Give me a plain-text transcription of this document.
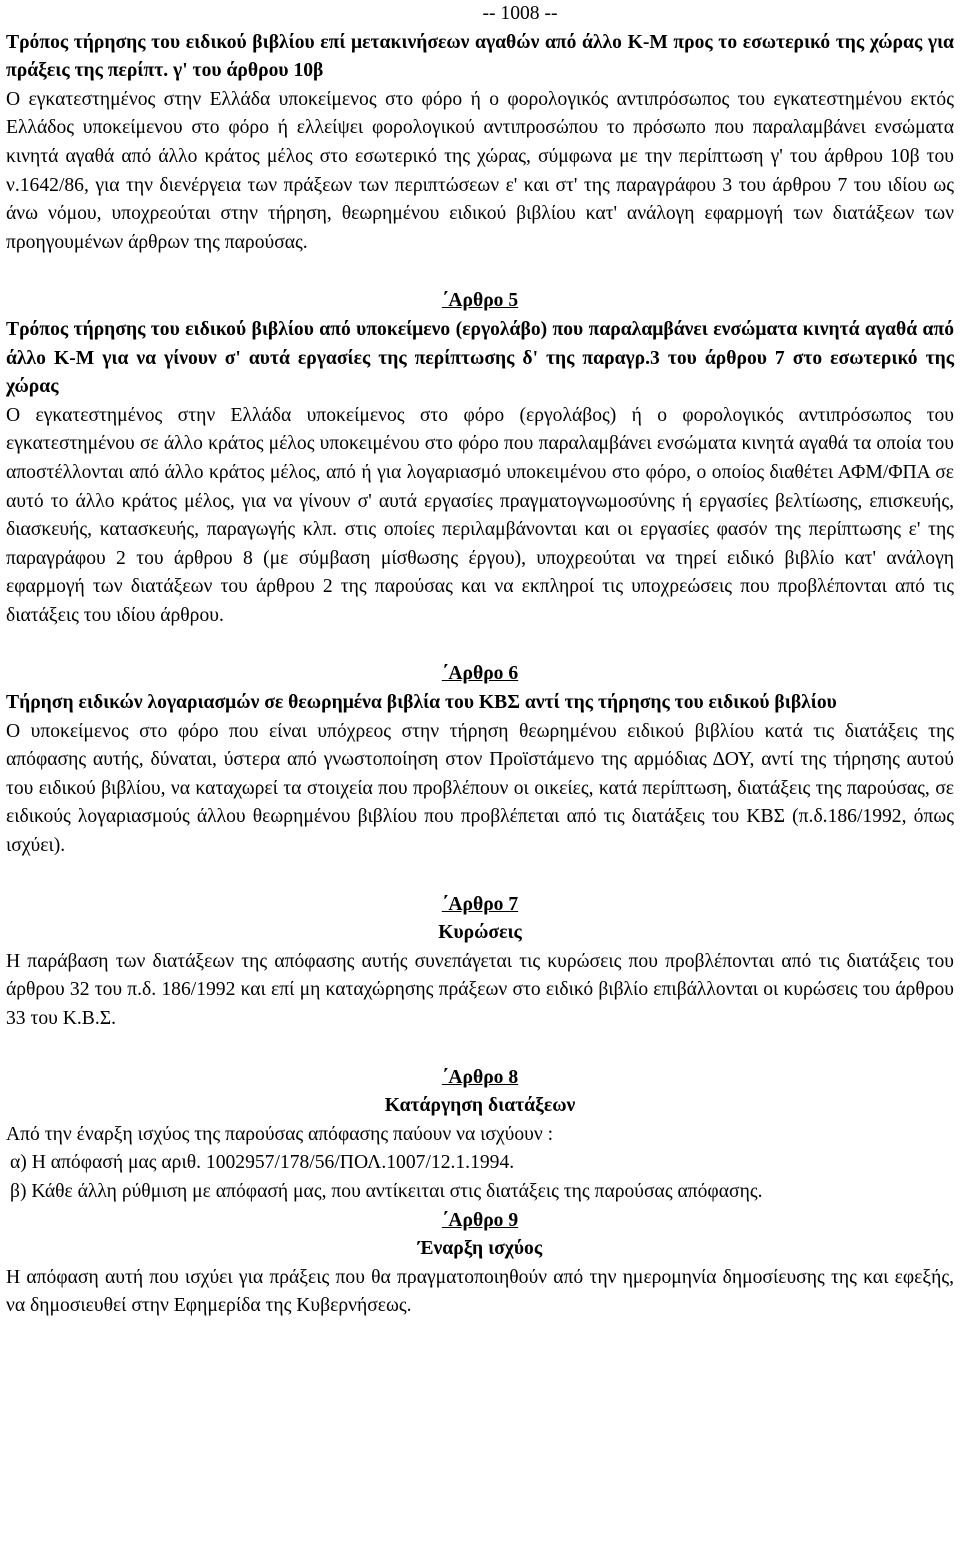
-- 1008 --

Τρόπος τήρησης του ειδικού βιβλίου επί μετακινήσεων αγαθών από άλλο Κ-Μ προς το εσωτερικό της χώρας για πράξεις της περίπτ. γ' του άρθρου 10β

Ο εγκατεστημένος στην Ελλάδα υποκείμενος στο φόρο ή ο φορολογικός αντιπρόσωπος του εγκατεστημένου εκτός Ελλάδος υποκείμενου στο φόρο ή ελλείψει φορολογικού αντιπροσώπου το πρόσωπο που παραλαμβάνει ενσώματα κινητά αγαθά από άλλο κράτος μέλος στο εσωτερικό της χώρας, σύμφωνα με την περίπτωση γ' του άρθρου 10β του ν.1642/86, για την διενέργεια των πράξεων των περιπτώσεων ε' και στ' της παραγράφου 3 του άρθρου 7 του ιδίου ως άνω νόμου, υποχρεούται στην τήρηση, θεωρημένου ειδικού βιβλίου κατ' ανάλογη εφαρμογή των διατάξεων των προηγουμένων άρθρων της παρούσας.

΄Αρθρο 5

Τρόπος τήρησης του ειδικού βιβλίου από υποκείμενο (εργολάβο) που παραλαμβάνει ενσώματα κινητά αγαθά από άλλο Κ-Μ για να γίνουν σ' αυτά εργασίες της περίπτωσης δ' της παραγρ.3 του άρθρου 7 στο εσωτερικό της χώρας

Ο εγκατεστημένος στην Ελλάδα υποκείμενος στο φόρο (εργολάβος) ή ο φορολογικός αντιπρόσωπος του εγκατεστημένου σε άλλο κράτος μέλος υποκειμένου στο φόρο που παραλαμβάνει ενσώματα κινητά αγαθά τα οποία του αποστέλλονται από άλλο κράτος μέλος, από ή για λογαριασμό υποκειμένου στο φόρο, ο οποίος διαθέτει ΑΦΜ/ΦΠΑ σε αυτό το άλλο κράτος μέλος, για να γίνουν σ' αυτά εργασίες πραγματογνωμοσύνης ή εργασίες βελτίωσης, επισκευής, διασκευής, κατασκευής, παραγωγής κλπ. στις οποίες περιλαμβάνονται και οι εργασίες φασόν της περίπτωσης ε' της παραγράφου 2 του άρθρου 8 (με σύμβαση μίσθωσης έργου), υποχρεούται να τηρεί ειδικό βιβλίο κατ' ανάλογη εφαρμογή των διατάξεων του άρθρου 2 της παρούσας και να εκπληροί τις υποχρεώσεις που προβλέπονται από τις διατάξεις του ιδίου άρθρου.

΄Αρθρο 6

Τήρηση ειδικών λογαριασμών σε θεωρημένα βιβλία του ΚΒΣ αντί της τήρησης του ειδικού βιβλίου

Ο υποκείμενος στο φόρο που είναι υπόχρεος στην τήρηση θεωρημένου ειδικού βιβλίου κατά τις διατάξεις της απόφασης αυτής, δύναται, ύστερα από γνωστοποίηση στον Προϊστάμενο της αρμόδιας ΔΟΥ, αντί της τήρησης αυτού του ειδικού βιβλίου, να καταχωρεί τα στοιχεία που προβλέπουν οι οικείες, κατά περίπτωση, διατάξεις της παρούσας, σε ειδικούς λογαριασμούς άλλου θεωρημένου βιβλίου που προβλέπεται από τις διατάξεις του ΚΒΣ (π.δ.186/1992, όπως ισχύει).

΄Αρθρο 7
Κυρώσεις

Η παράβαση των διατάξεων της απόφασης αυτής συνεπάγεται τις κυρώσεις που προβλέπονται από τις διατάξεις του άρθρου 32 του π.δ. 186/1992 και επί μη καταχώρησης πράξεων στο ειδικό βιβλίο επιβάλλονται οι κυρώσεις του άρθρου 33 του Κ.Β.Σ.

΄Αρθρο 8
Κατάργηση διατάξεων

Από την έναρξη ισχύος της παρούσας απόφασης παύουν να ισχύουν :

α) Η απόφασή μας αριθ. 1002957/178/56/ΠΟΛ.1007/12.1.1994.

β) Κάθε άλλη ρύθμιση με απόφασή μας, που αντίκειται στις διατάξεις της παρούσας απόφασης.

΄Αρθρο 9
Έναρξη ισχύος

Η απόφαση αυτή που ισχύει για πράξεις που θα πραγματοποιηθούν από την ημερομηνία δημοσίευσης της και εφεξής, να δημοσιευθεί στην Εφημερίδα της Κυβερνήσεως.
